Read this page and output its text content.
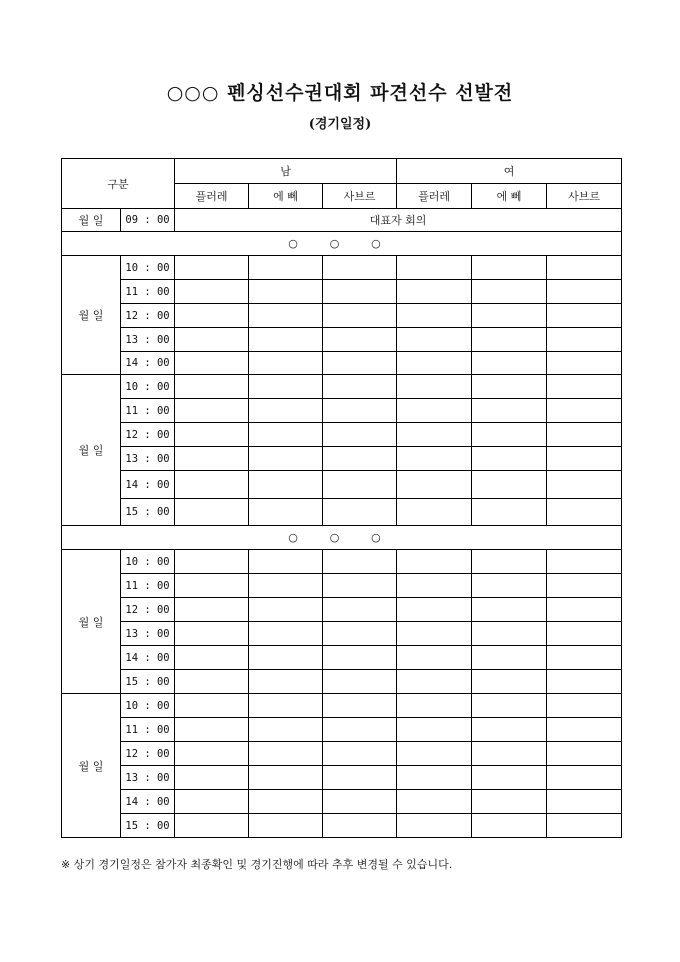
○○○ 펜싱선수권대회 파견선수 선발전
(경기일정)
구분		남			여		
		플러레	에 뻬	사브르	플러레	에 뻬	사브르
월 일	09 : 00	대표자 회의					
○ ○ ○							
월 일	10 : 00						
	11 : 00						
	12 : 00						
	13 : 00						
	14 : 00						
월 일	10 : 00						
	11 : 00						
	12 : 00						
	13 : 00						
	14 : 00						
	15 : 00						
○ ○ ○							
월 일	10 : 00						
	11 : 00						
	12 : 00						
	13 : 00						
	14 : 00						
	15 : 00						
월 일	10 : 00						
	11 : 00						
	12 : 00						
	13 : 00						
	14 : 00						
	15 : 00						
※ 상기 경기일정은 참가자 최종확인 및 경기진행에 따라 추후 변경될 수 있습니다.
